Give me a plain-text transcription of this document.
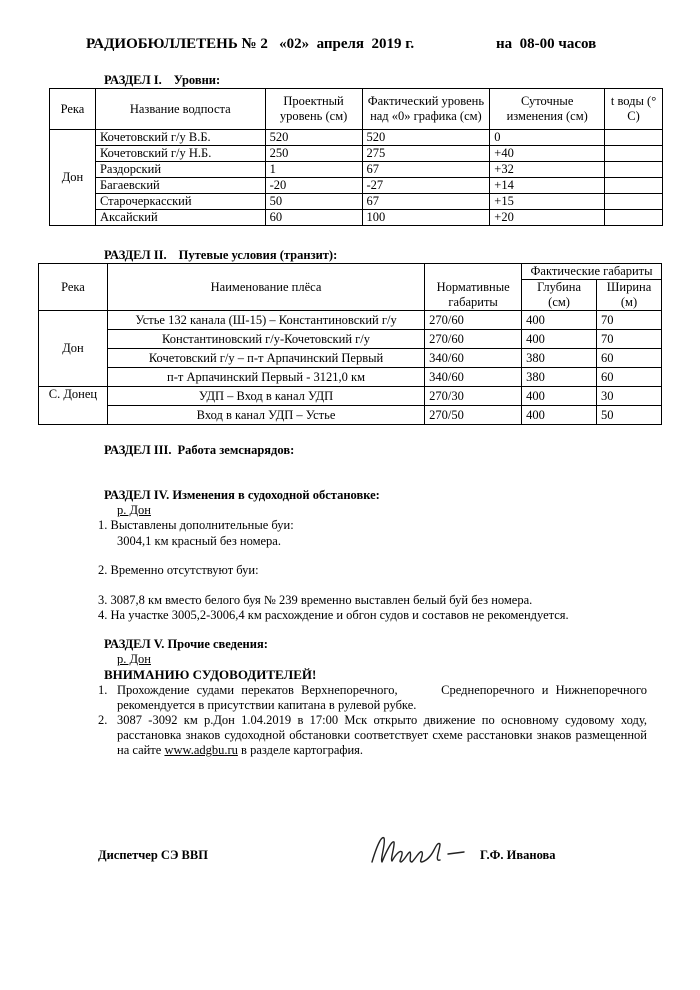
РАДИОБЮЛЛЕТЕНЬ № 2   «02»  апреля  2019 г.	на  08-00 часов
РАЗДЕЛ I. Уровни:
Река	Название водпоста	Проектный уровень (см)	Фактический уровень над «0» графика (см)	Суточные изменения (см)	t воды (° С)
Дон	Кочетовский г/у В.Б.	520	520	0	
	Кочетовский г/у Н.Б.	250	275	+40	
	Раздорский	1	67	+32	
	Багаевский	-20	-27	+14	
	Старочеркасский	50	67	+15	
	Аксайский	60	100	+20	
РАЗДЕЛ II. Путевые условия (транзит):
Река	Наименование плёса	Нормативные габариты	Фактические габариты	
			Глубина (см)	Ширина (м)
Дон	Устье 132 канала (Ш-15) – Константиновский г/у	270/60	400	70
	Константиновский г/у-Кочетовский г/у	270/60	400	70
	Кочетовский г/у – п-т Арпачинский Первый	340/60	380	60
	п-т Арпачинский Первый - 3121,0 км	340/60	380	60
С. Донец	УДП – Вход в канал УДП	270/30	400	30
	Вход в канал УДП – Устье	270/50	400	50
РАЗДЕЛ III. Работа земснарядов:
РАЗДЕЛ IV. Изменения в судоходной обстановке:
р. Дон
1. Выставлены дополнительные буи:
3004,1 км красный без номера.
2. Временно отсутствуют буи:
3. 3087,8 км вместо белого буя № 239 временно выставлен белый буй без номера.
4. На участке 3005,2-3006,4 км расхождение и обгон судов и составов не рекомендуется.
РАЗДЕЛ V. Прочие сведения:
р. Дон
ВНИМАНИЮ СУДОВОДИТЕЛЕЙ!
1. Прохождение судами перекатов Верхнепоречного,      Среднепоречного и Нижнепоречного рекомендуется в присутствии капитана в рулевой рубке.
2. 3087 -3092 км р.Дон 1.04.2019 в 17:00 Мск открыто движение по основному судовому ходу, расстановка знаков судоходной обстановки соответствует схеме расстановки знаков размещенной на сайте www.adgbu.ru в разделе картография.
Диспетчер СЭ ВВП	Г.Ф. Иванова
